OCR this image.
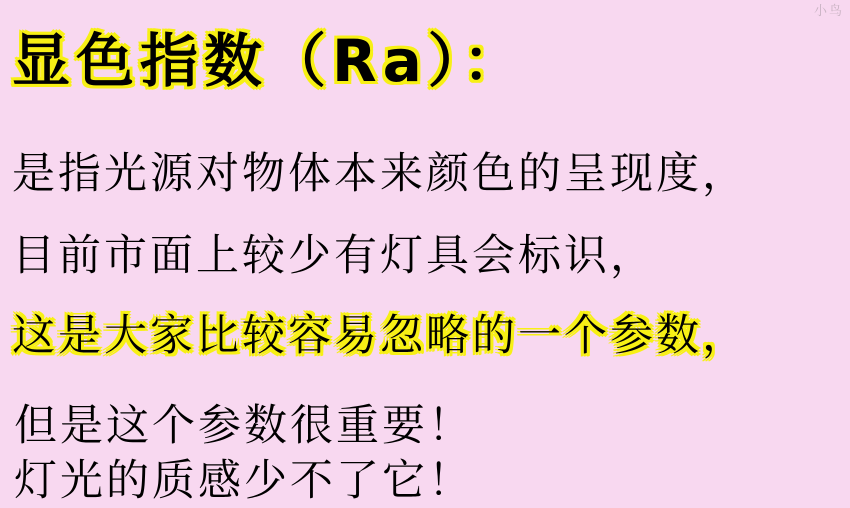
小鸟
显色指数（Ra）：
是指光源对物体本来颜色的呈现度，
目前市面上较少有灯具会标识，
这是大家比较容易忽略的一个参数，
但是这个参数很重要！
灯光的质感少不了它！
